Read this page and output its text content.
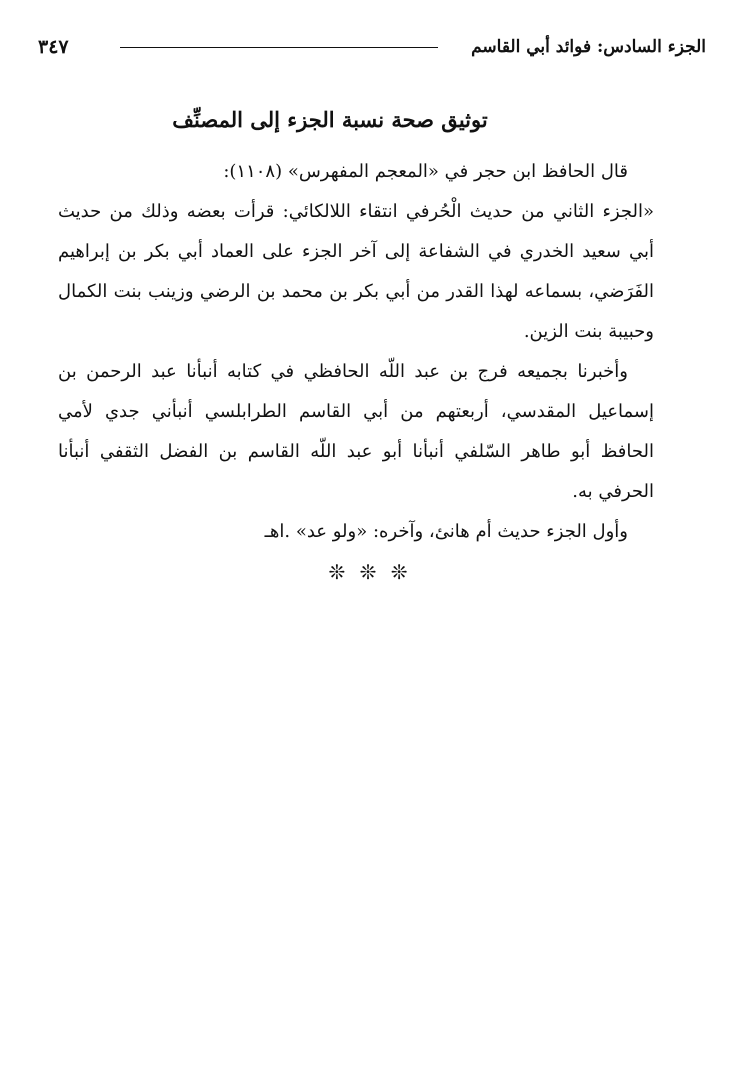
الجزء السادس: فوائد أبي القاسم
٣٤٧
توثيق صحة نسبة الجزء إلى المصنِّف

قال الحافظ ابن حجر في «المعجم المفهرس» (١١٠٨):

«الجزء الثاني من حديث الْحُرفي انتقاء اللالكائي: قرأت بعضه وذلك من حديث أبي سعيد الخدري في الشفاعة إلى آخر الجزء على العماد أبي بكر بن إبراهيم الفَرَضي، بسماعه لهذا القدر من أبي بكر بن محمد بن الرضي وزينب بنت الكمال وحبيبة بنت الزين.

وأخبرنا بجميعه فرج بن عبد اللّه الحافظي في كتابه أنبأنا عبد الرحمن بن إسماعيل المقدسي، أربعتهم من أبي القاسم الطرابلسي أنبأني جدي لأمي الحافظ أبو طاهر السّلفي أنبأنا أبو عبد اللّه القاسم بن الفضل الثقفي أنبأنا الحرفي به.

وأول الجزء حديث أم هانئ، وآخره: «ولو عد» .اهـ

❊ ❊ ❊
